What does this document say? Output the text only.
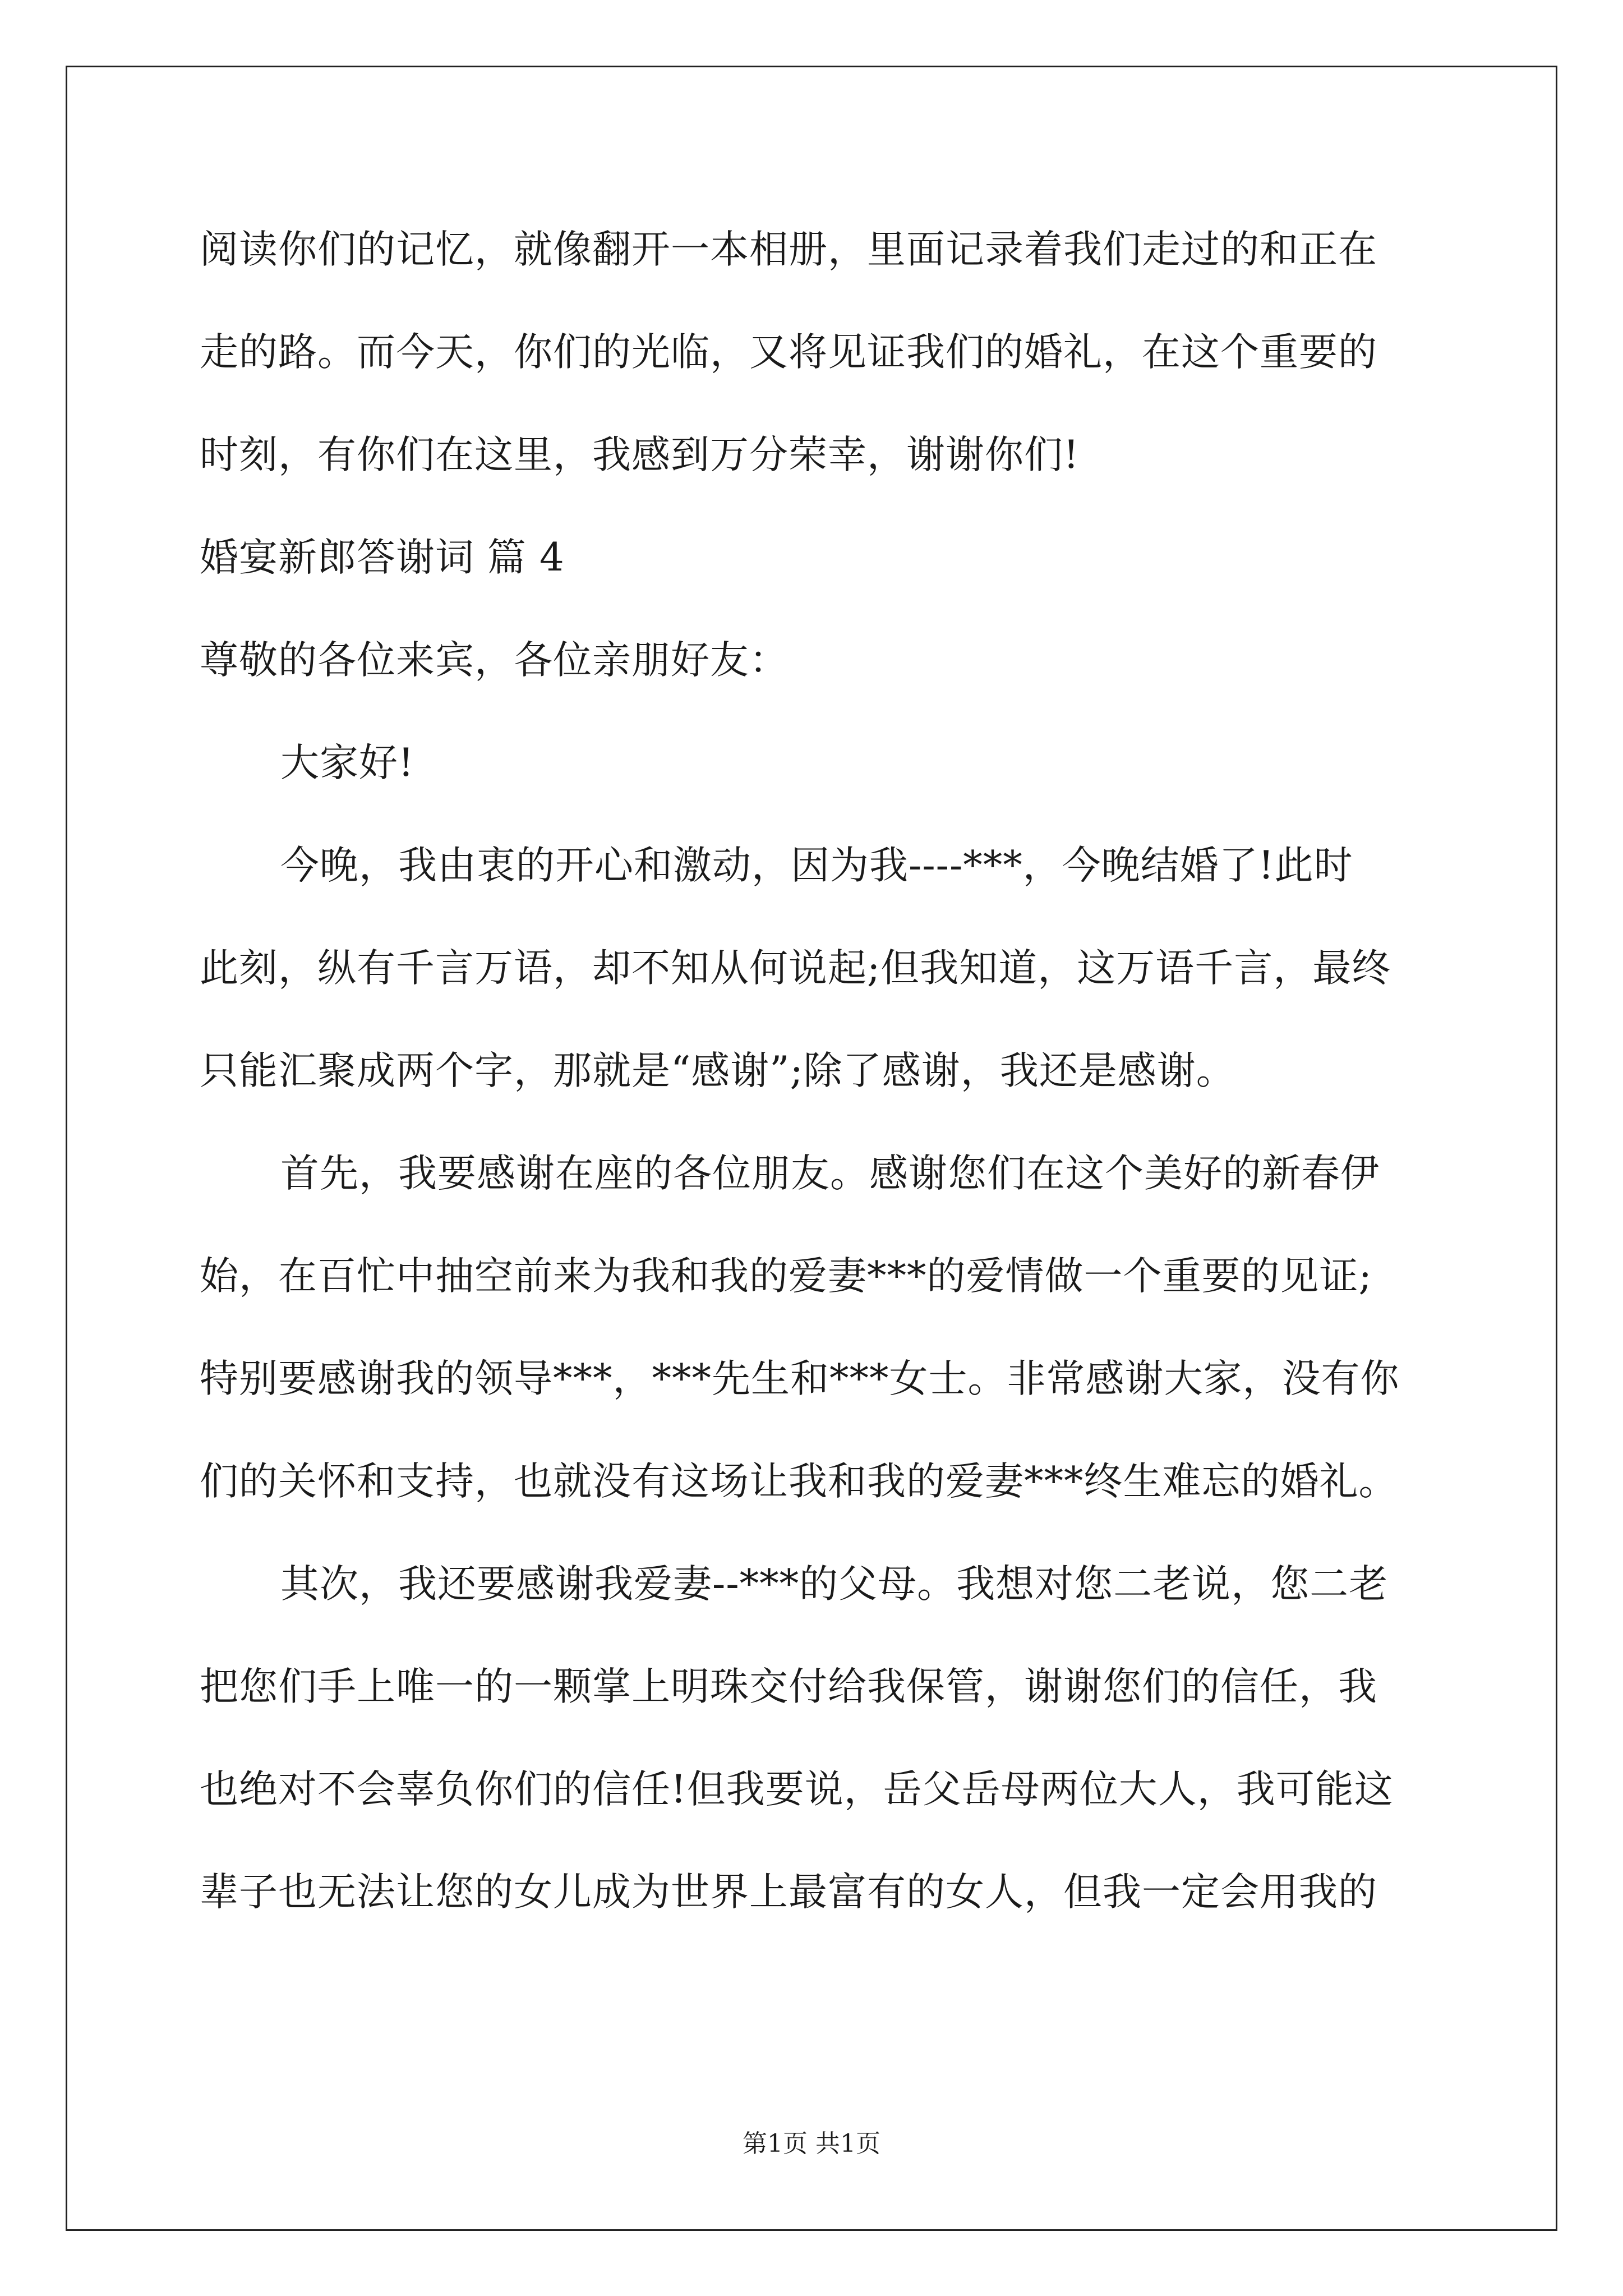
阅读你们的记忆，就像翻开一本相册，里面记录着我们走过的和正在
走的路。而今天，你们的光临，又将见证我们的婚礼，在这个重要的
时刻，有你们在这里，我感到万分荣幸，谢谢你们!
婚宴新郎答谢词 篇 4
尊敬的各位来宾，各位亲朋好友：
大家好!
今晚，我由衷的开心和激动，因为我----***，今晚结婚了!此时
此刻，纵有千言万语，却不知从何说起;但我知道，这万语千言，最终
只能汇聚成两个字，那就是“感谢”;除了感谢，我还是感谢。
首先，我要感谢在座的各位朋友。感谢您们在这个美好的新春伊
始，在百忙中抽空前来为我和我的爱妻***的爱情做一个重要的见证;
特别要感谢我的领导***，***先生和***女士。非常感谢大家，没有你
们的关怀和支持，也就没有这场让我和我的爱妻***终生难忘的婚礼。
其次，我还要感谢我爱妻--***的父母。我想对您二老说，您二老
把您们手上唯一的一颗掌上明珠交付给我保管，谢谢您们的信任，我
也绝对不会辜负你们的信任!但我要说，岳父岳母两位大人，我可能这
辈子也无法让您的女儿成为世界上最富有的女人，但我一定会用我的
第1页 共1页
